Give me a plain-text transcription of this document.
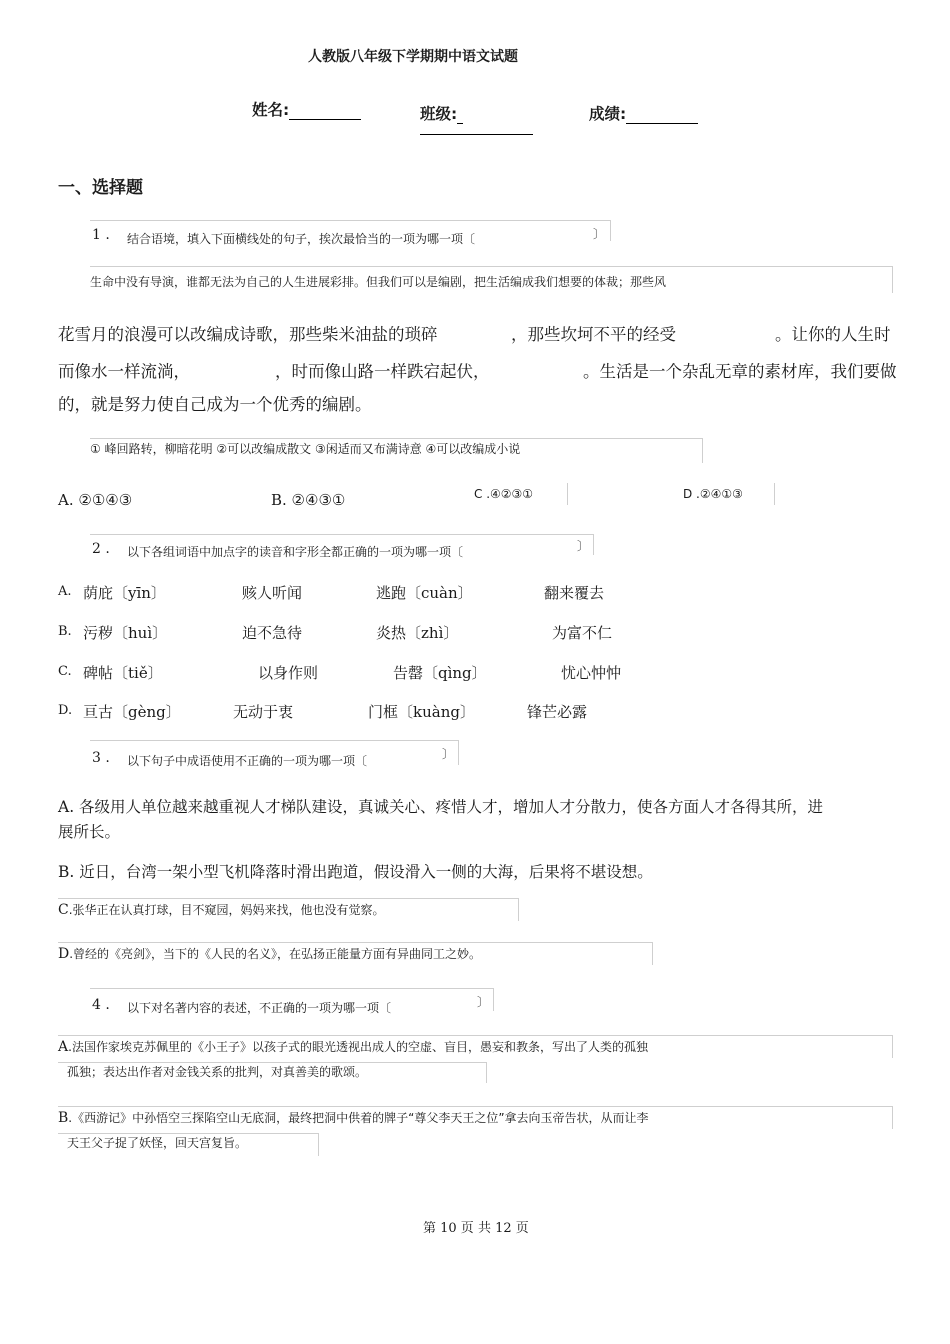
人教版八年级下学期期中语文试题
姓名:	班级:	成绩:
一、选择题
1 . 结合语境，填入下面横线处的句子，挨次最恰当的一项为哪一项〔	〕
生命中没有导演，谁都无法为自己的人生进展彩排。但我们可以是编剧，把生活编成我们想要的体裁；那些风
花雪月的浪漫可以改编成诗歌，那些柴米油盐的琐碎	，那些坎坷不平的经受	。让你的人生时
而像水一样流淌，	，时而像山路一样跌宕起伏，	。生活是一个杂乱无章的素材库，我们要做
的，就是努力使自己成为一个优秀的编剧。
① 峰回路转，柳暗花明 ②可以改编成散文 ③闲适而又布满诗意 ④可以改编成小说
A. ②①④③	B. ②④③①	C .④②③①	D .②④①③
2 . 以下各组词语中加点字的读音和字形全都正确的一项为哪一项〔	〕
A. 荫庇〔yīn〕	赅人听闻	逃跑〔cuàn〕	翻来覆去
B. 污秽〔huì〕	迫不急待	炎热〔zhì〕	为富不仁
C. 碑帖〔tiě〕	以身作则	告罄〔qìng〕	忧心忡忡
D. 亘古〔gèng〕	无动于衷	门框〔kuàng〕	锋芒必露
3 . 以下句子中成语使用不正确的一项为哪一项〔	〕
A. 各级用人单位越来越重视人才梯队建设，真诚关心、疼惜人才，增加人才分散力，使各方面人才各得其所，进
展所长。
B. 近日，台湾一架小型飞机降落时滑出跑道，假设滑入一侧的大海，后果将不堪设想。
C.张华正在认真打球，目不窥园，妈妈来找，他也没有觉察。
D.曾经的《亮剑》，当下的《人民的名义》，在弘扬正能量方面有异曲同工之妙。
4 . 以下对名著内容的表述，不正确的一项为哪一项〔	〕
A.法国作家埃克苏佩里的《小王子》以孩子式的眼光透视出成人的空虚、盲目，愚妄和教条，写出了人类的孤独
孤独；表达出作者对金钱关系的批判，对真善美的歌颂。
B.《西游记》中孙悟空三探陷空山无底洞，最终把洞中供着的牌子“尊父李天王之位”拿去向玉帝告状，从而让李
天王父子捉了妖怪，回天宫复旨。
第 10 页 共 12 页
